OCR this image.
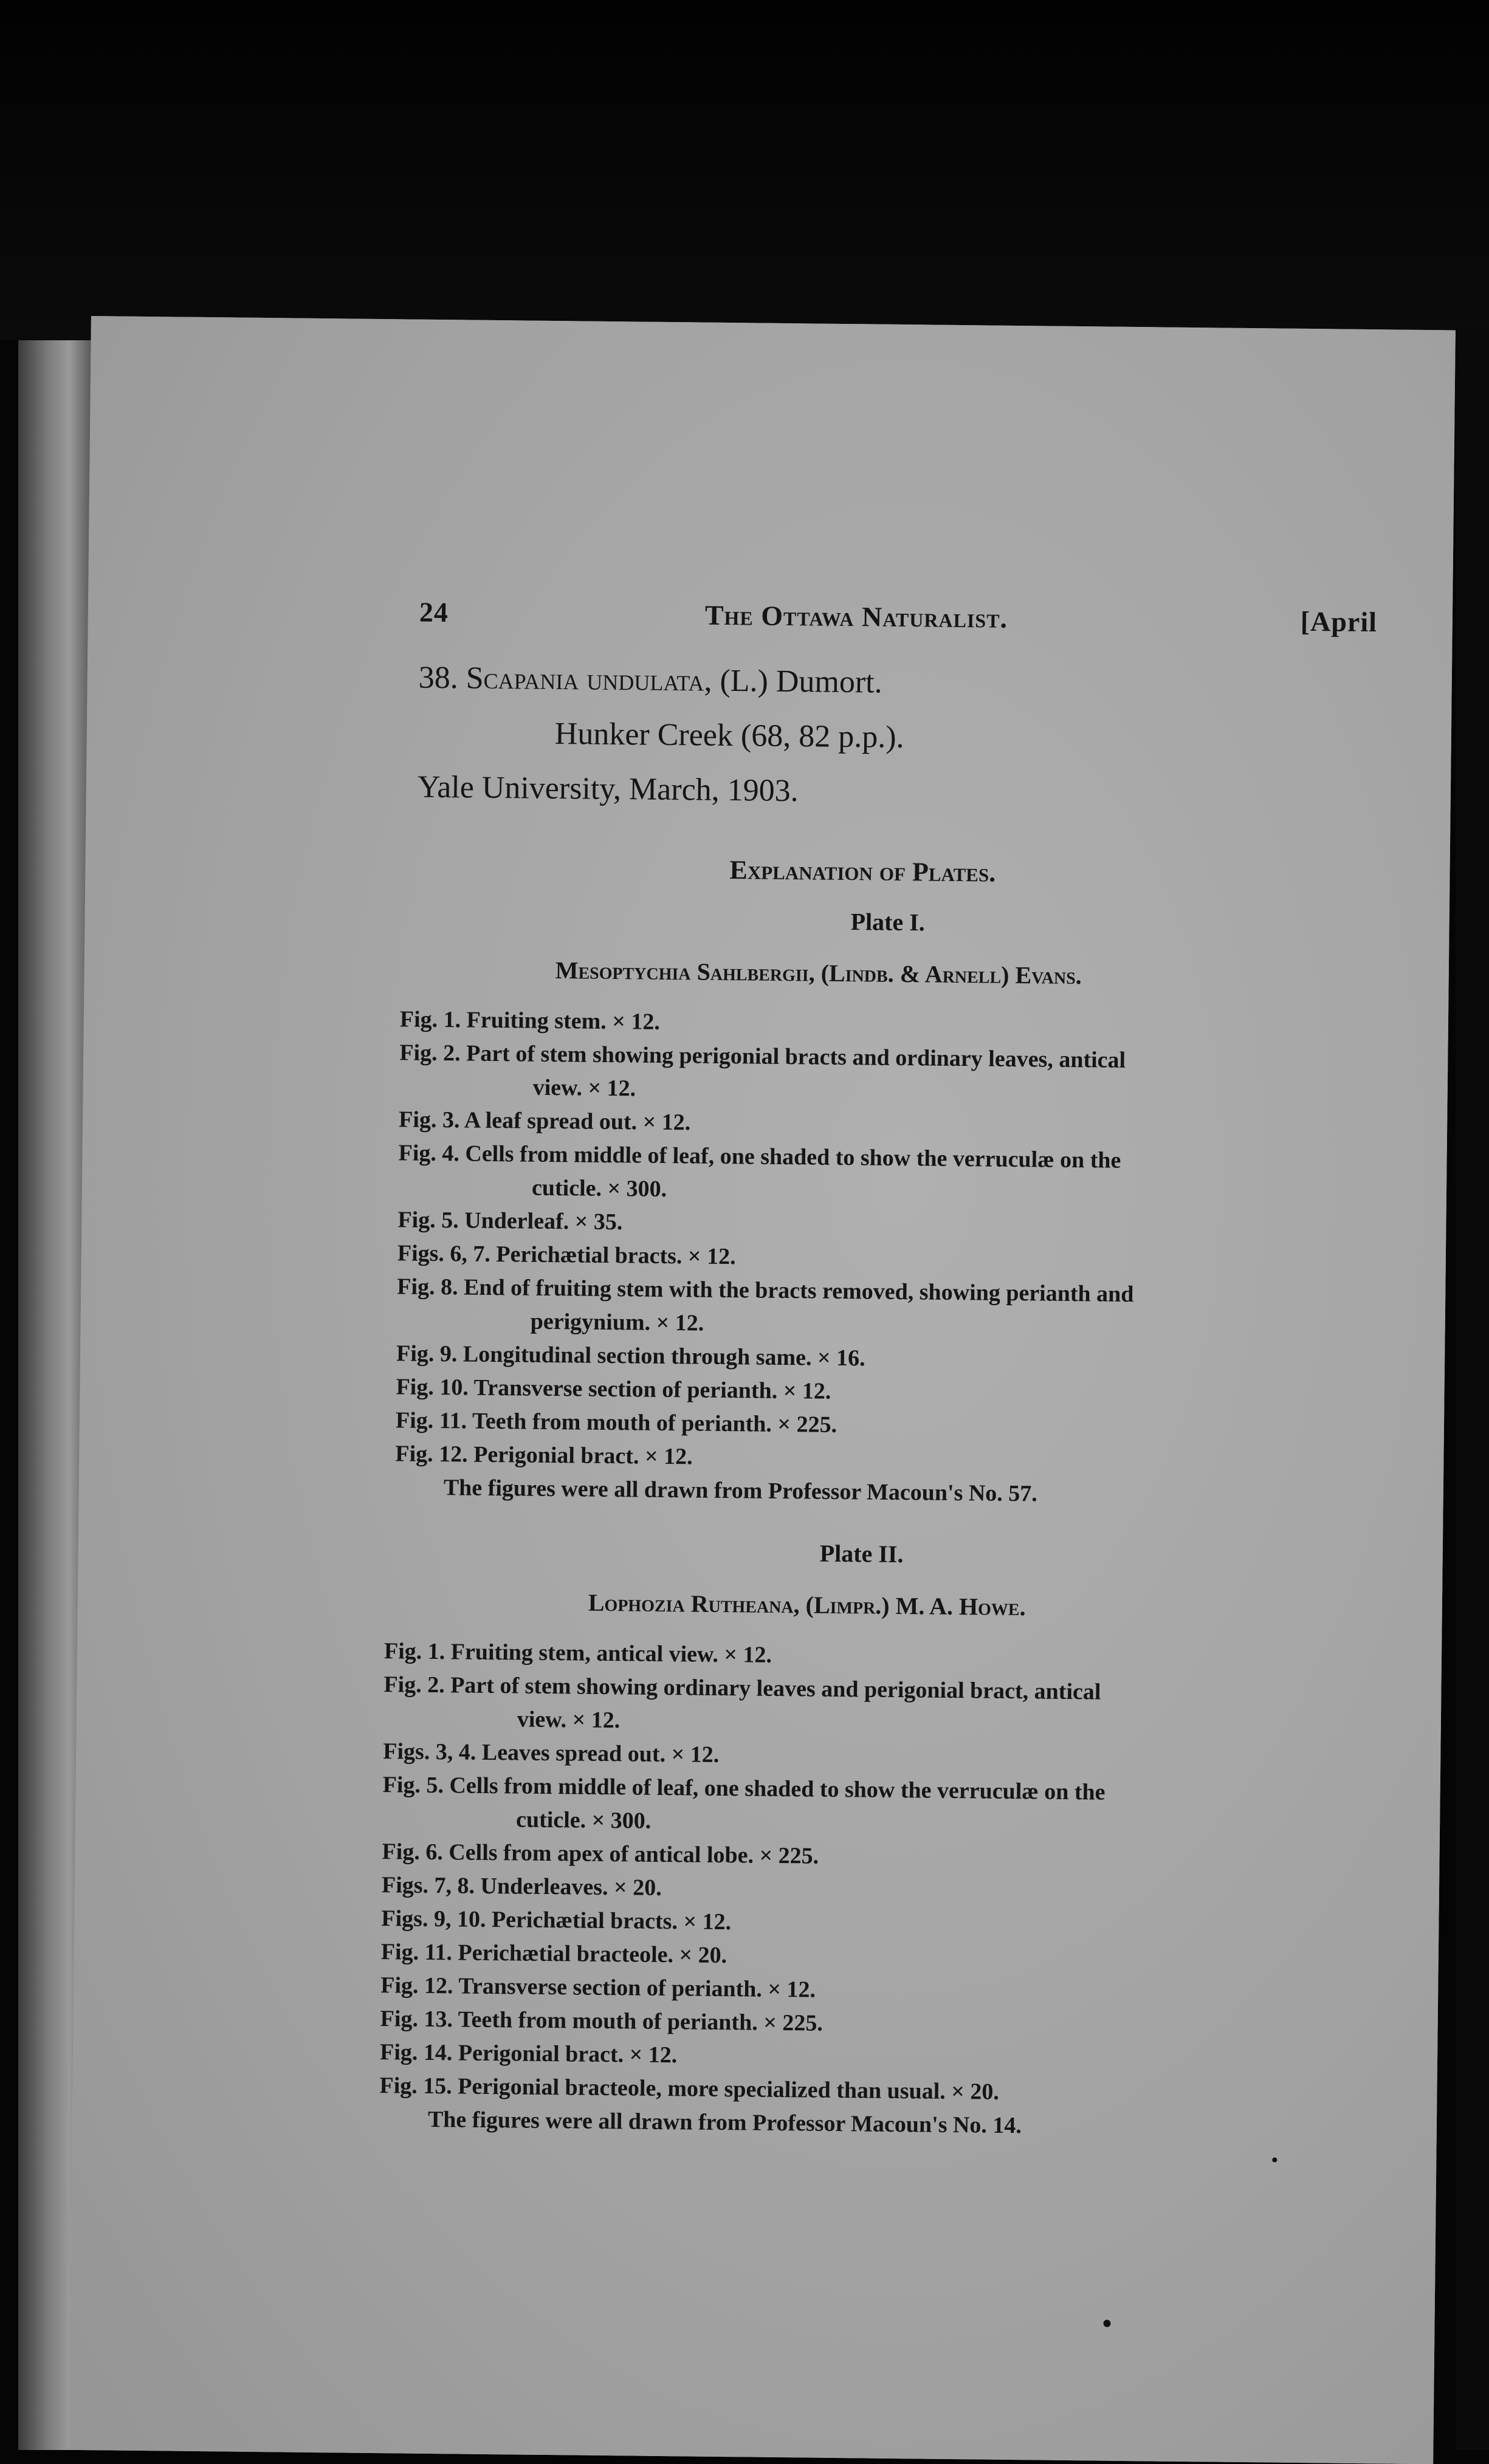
24	The Ottawa Naturalist.	[April
38. Scapania undulata, (L.) Dumort.
Hunker Creek (68, 82 p.p.).
Yale University, March, 1903.
Explanation of Plates.
Plate I.
Mesoptychia Sahlbergii, (Lindb. & Arnell) Evans.
Fig. 1. Fruiting stem. × 12.
Fig. 2. Part of stem showing perigonial bracts and ordinary leaves, antical
view. × 12.
Fig. 3. A leaf spread out. × 12.
Fig. 4. Cells from middle of leaf, one shaded to show the verruculæ on the
cuticle. × 300.
Fig. 5. Underleaf. × 35.
Figs. 6, 7. Perichætial bracts. × 12.
Fig. 8. End of fruiting stem with the bracts removed, showing perianth and
perigynium. × 12.
Fig. 9. Longitudinal section through same. × 16.
Fig. 10. Transverse section of perianth. × 12.
Fig. 11. Teeth from mouth of perianth. × 225.
Fig. 12. Perigonial bract. × 12.
The figures were all drawn from Professor Macoun's No. 57.
Plate II.
Lophozia Rutheana, (Limpr.) M. A. Howe.
Fig. 1. Fruiting stem, antical view. × 12.
Fig. 2. Part of stem showing ordinary leaves and perigonial bract, antical
view. × 12.
Figs. 3, 4. Leaves spread out. × 12.
Fig. 5. Cells from middle of leaf, one shaded to show the verruculæ on the
cuticle. × 300.
Fig. 6. Cells from apex of antical lobe. × 225.
Figs. 7, 8. Underleaves. × 20.
Figs. 9, 10. Perichætial bracts. × 12.
Fig. 11. Perichætial bracteole. × 20.
Fig. 12. Transverse section of perianth. × 12.
Fig. 13. Teeth from mouth of perianth. × 225.
Fig. 14. Perigonial bract. × 12.
Fig. 15. Perigonial bracteole, more specialized than usual. × 20.
The figures were all drawn from Professor Macoun's No. 14.
